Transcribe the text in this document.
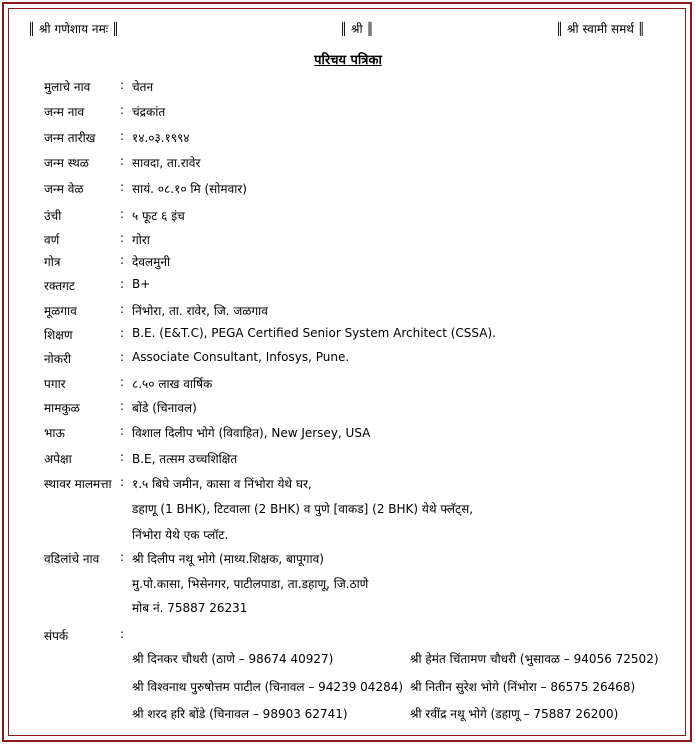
║ श्री गणेशाय नमः ║	║ श्री ║	║ श्री स्वामी समर्थ ║
परिचय पत्रिका
मुलाचे नाव : चेतन
जन्म नाव	: चंद्रकांत
जन्म तारीख : १४.०३.१९९४
जन्म स्थळ	: सावदा, ता.रावेर
जन्म वेळ	: सायं. ०८.१० मि (सोमवार)
उंची	: ५ फूट ६ इंच
वर्ण	: गोरा
गोत्र	: देवलमुनी
रक्तगट	: B+
मूळगाव	: निंभोरा, ता. रावेर, जि. जळगाव
शिक्षण	: B.E. (E&T.C), PEGA Certified Senior System Architect (CSSA).
नोकरी	: Associate Consultant, Infosys, Pune.
पगार	: ८.५० लाख वार्षिक
मामकुळ	: बोंडे (चिनावल)
भाऊ	: विशाल दिलीप भोगे (विवाहित), New Jersey, USA
अपेक्षा	: B.E, तत्सम उच्चशिक्षित
स्थावर मालमत्ता : १.५ बिघे जमीन, कासा व निंभोरा येथे घर,
डहाणू (1 BHK), टिटवाला (2 BHK) व पुणे [वाकड] (2 BHK) येथे फ्लॅट्स,
निंभोरा येथे एक प्लॉट.
वडिलांचे नाव : श्री दिलीप नथू भोगे (माध्य.शिक्षक, बापूगाव)
मु.पो.कासा, भिसेनगर, पाटीलपाडा, ता.डहाणू, जि.ठाणे
मोब नं. 75887 26231
संपर्क	:
श्री दिनकर चौधरी (ठाणे – 98674 40927)	श्री हेमंत चिंतामण चौधरी (भुसावळ – 94056 72502)
श्री विश्वनाथ पुरुषोत्तम पाटील (चिनावल – 94239 04284) श्री नितीन सुरेश भोगे (निंभोरा – 86575 26468)
श्री शरद हरि बोंडे (चिनावल – 98903 62741)	श्री रवींद्र नथू भोगे (डहाणू – 75887 26200)
